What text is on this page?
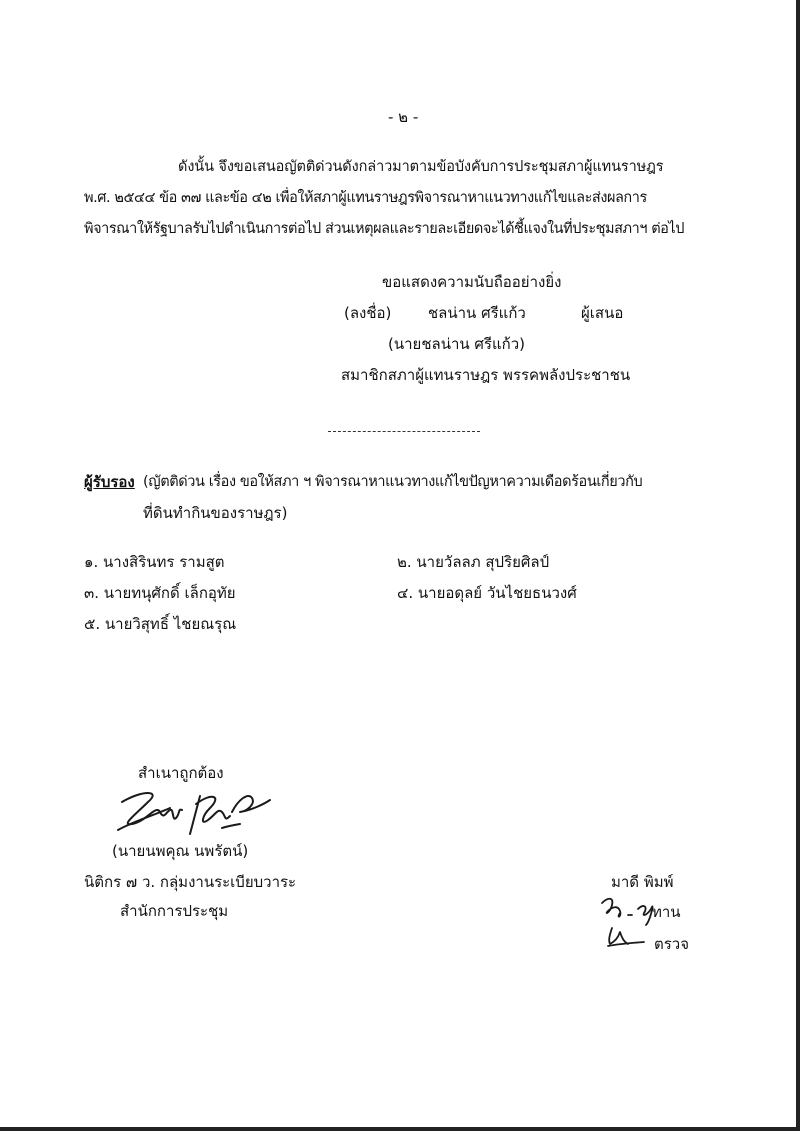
- ๒ -
ดังนั้น จึงขอเสนอญัตติด่วนดังกล่าวมาตามข้อบังคับการประชุมสภาผู้แทนราษฎร
พ.ศ. ๒๕๔๔ ข้อ ๓๗ และข้อ ๔๒ เพื่อให้สภาผู้แทนราษฎรพิจารณาหาแนวทางแก้ไขและส่งผลการ
พิจารณาให้รัฐบาลรับไปดำเนินการต่อไป ส่วนเหตุผลและรายละเอียดจะได้ชี้แจงในที่ประชุมสภาฯ ต่อไป
ขอแสดงความนับถืออย่างยิ่ง
(ลงชื่อ) ชลน่าน ศรีแก้ว	ผู้เสนอ
(นายชลน่าน ศรีแก้ว)
สมาชิกสภาผู้แทนราษฎร พรรคพลังประชาชน
ผู้รับรอง (ญัตติด่วน เรื่อง ขอให้สภา ฯ พิจารณาหาแนวทางแก้ไขปัญหาความเดือดร้อนเกี่ยวกับ
ที่ดินทำกินของราษฎร)
๑. นางสิรินทร รามสูต	๒. นายวัลลภ สุปริยศิลป์
๓. นายทนุศักดิ์ เล็กอุทัย	๔. นายอดุลย์ วันไชยธนวงศ์
๕. นายวิสุทธิ์ ไชยณรุณ
สำเนาถูกต้อง
(นายนพคุณ นพรัตน์)
นิติกร ๗ ว. กลุ่มงานระเบียบวาระ
สำนักการประชุม
มาดี พิมพ์
ทาน
ตรวจ
